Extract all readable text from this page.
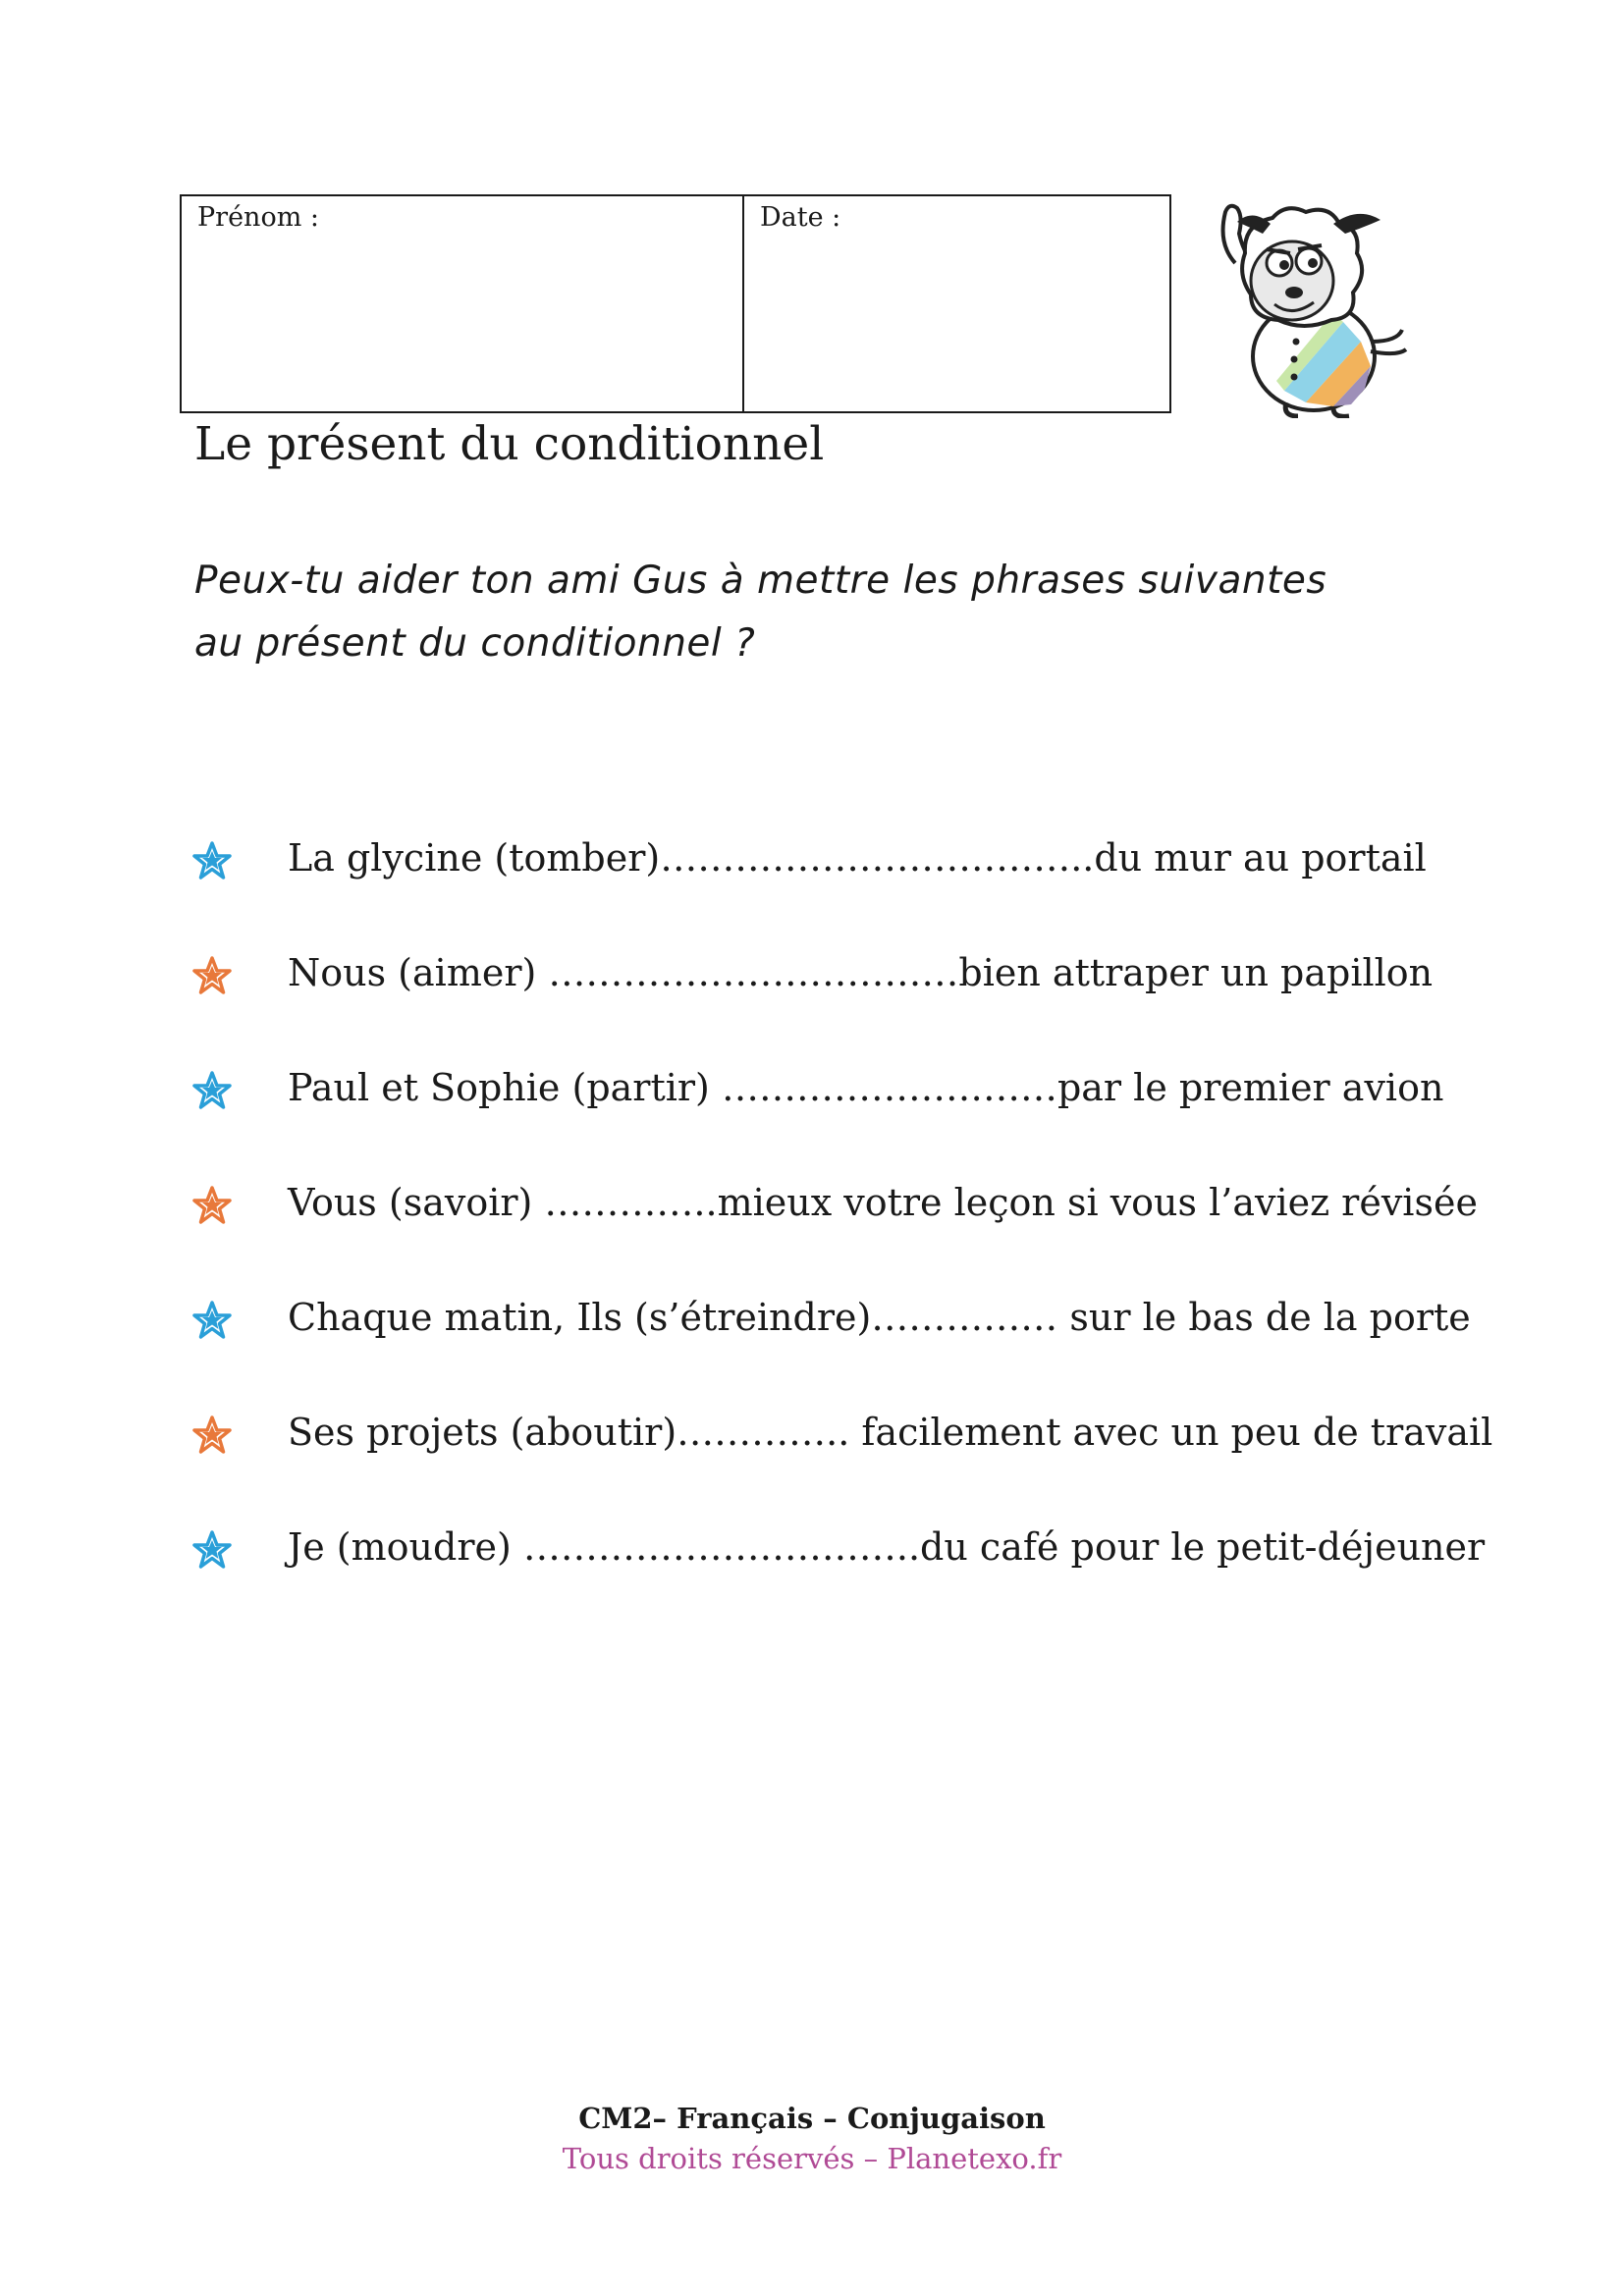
Prénom :	Date :
Le présent du conditionnel
Peux-tu aider ton ami Gus à mettre les phrases suivantes
au présent du conditionnel ?
La glycine (tomber)……………………………..du mur au portail
Nous (aimer) ……………………………bien attraper un papillon
Paul et Sophie (partir) ………………………par le premier avion
Vous (savoir) …………..mieux votre leçon si vous l’aviez révisée
Chaque matin, Ils (s’étreindre)…………… sur le bas de la porte
Ses projets (aboutir)………….. facilement avec un peu de travail
Je (moudre) …………………………..du café pour le petit-déjeuner
CM2– Français – Conjugaison
Tous droits réservés – Planetexo.fr
